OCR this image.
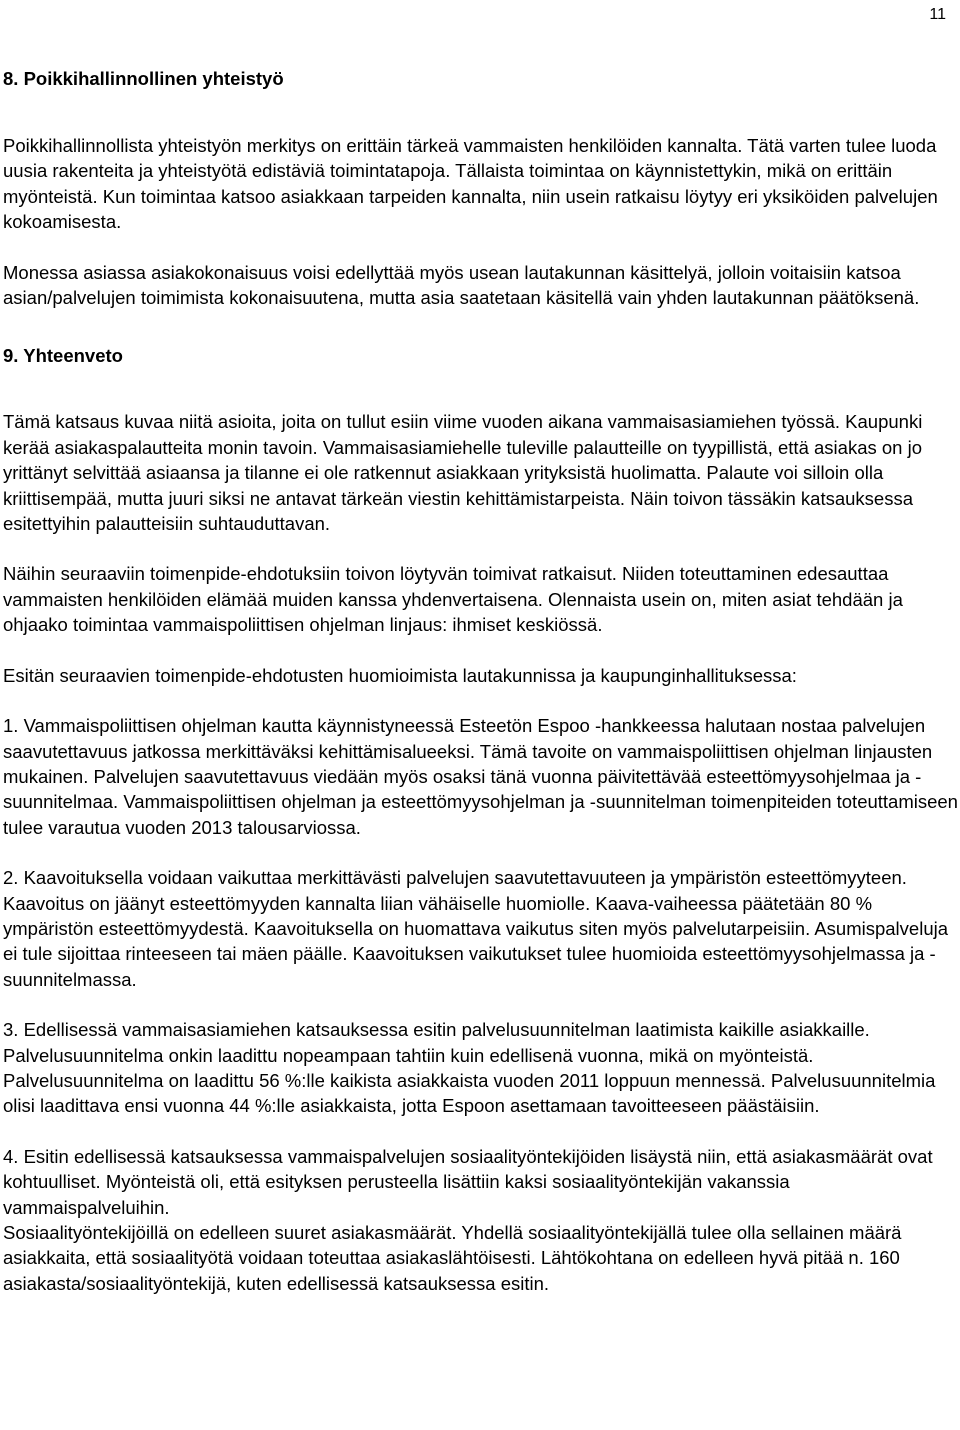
11
8. Poikkihallinnollinen yhteistyö

Poikkihallinnollista yhteistyön merkitys on erittäin tärkeä vammaisten henkilöiden kannalta. Tätä varten tulee luoda uusia rakenteita ja yhteistyötä edistäviä toimintatapoja. Tällaista toimintaa on käynnistettykin, mikä on erittäin myönteistä. Kun toimintaa katsoo asiakkaan tarpeiden kannalta, niin usein ratkaisu löytyy eri yksiköiden palvelujen kokoamisesta.

Monessa asiassa asiakokonaisuus voisi edellyttää myös usean lautakunnan käsittelyä, jolloin voitaisiin katsoa asian/palvelujen toimimista kokonaisuutena, mutta asia saatetaan käsitellä vain yhden lautakunnan päätöksenä.

9. Yhteenveto

Tämä katsaus kuvaa niitä asioita, joita on tullut esiin viime vuoden aikana vammaisasiamiehen työssä. Kaupunki kerää asiakaspalautteita monin tavoin. Vammaisasiamiehelle tuleville palautteille on tyypillistä, että asiakas on jo yrittänyt selvittää asiaansa ja tilanne ei ole ratkennut asiakkaan yrityksistä huolimatta. Palaute voi silloin olla kriittisempää, mutta juuri siksi ne antavat tärkeän viestin kehittämistarpeista. Näin toivon tässäkin katsauksessa esitettyihin palautteisiin suhtauduttavan.

Näihin seuraaviin toimenpide-ehdotuksiin toivon löytyvän toimivat ratkaisut. Niiden toteuttaminen edesauttaa vammaisten henkilöiden elämää muiden kanssa yhdenvertaisena. Olennaista usein on, miten asiat tehdään ja ohjaako toimintaa vammaispoliittisen ohjelman linjaus: ihmiset keskiössä.

Esitän seuraavien toimenpide-ehdotusten huomioimista lautakunnissa ja kaupunginhallituksessa:

1. Vammaispoliittisen ohjelman kautta käynnistyneessä Esteetön Espoo -hankkeessa halutaan nostaa palvelujen saavutettavuus jatkossa merkittäväksi kehittämisalueeksi. Tämä tavoite on vammaispoliittisen ohjelman linjausten mukainen. Palvelujen saavutettavuus viedään myös osaksi tänä vuonna päivitettävää esteettömyysohjelmaa ja -suunnitelmaa. Vammaispoliittisen ohjelman ja esteettömyysohjelman ja -suunnitelman toimenpiteiden toteuttamiseen tulee varautua vuoden 2013 talousarviossa.

2. Kaavoituksella voidaan vaikuttaa merkittävästi palvelujen saavutettavuuteen ja ympäristön esteettömyyteen. Kaavoitus on jäänyt esteettömyyden kannalta liian vähäiselle huomiolle. Kaava-vaiheessa päätetään 80 % ympäristön esteettömyydestä. Kaavoituksella on huomattava vaikutus siten myös palvelutarpeisiin. Asumispalveluja ei tule sijoittaa rinteeseen tai mäen päälle. Kaavoituksen vaikutukset tulee huomioida esteettömyysohjelmassa ja -suunnitelmassa.

3. Edellisessä vammaisasiamiehen katsauksessa esitin palvelusuunnitelman laatimista kaikille asiakkaille. Palvelusuunnitelma onkin laadittu nopeampaan tahtiin kuin edellisenä vuonna, mikä on myönteistä. Palvelusuunnitelma on laadittu 56 %:lle kaikista asiakkaista vuoden 2011 loppuun mennessä. Palvelusuunnitelmia olisi laadittava ensi vuonna 44 %:lle asiakkaista, jotta Espoon asettamaan tavoitteeseen päästäisiin.

4. Esitin edellisessä katsauksessa vammaispalvelujen sosiaalityöntekijöiden lisäystä niin, että asiakasmäärät ovat kohtuulliset. Myönteistä oli, että esityksen perusteella lisättiin kaksi sosiaalityöntekijän vakanssia vammaispalveluihin.

Sosiaalityöntekijöillä on edelleen suuret asiakasmäärät. Yhdellä sosiaalityöntekijällä tulee olla sellainen määrä asiakkaita, että sosiaalityötä voidaan toteuttaa asiakaslähtöisesti. Lähtökohtana on edelleen hyvä pitää n. 160 asiakasta/sosiaalityöntekijä, kuten edellisessä katsauksessa esitin.
